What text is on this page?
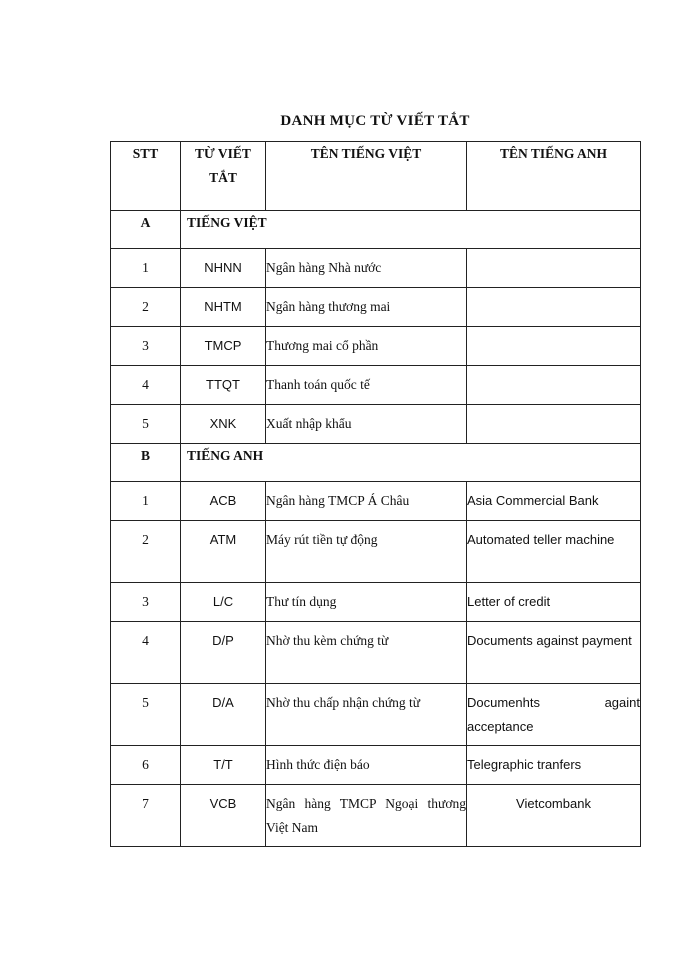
DANH MỤC TỪ VIẾT TẮT
STT	TỪ VIẾT TẮT	TÊN TIẾNG VIỆT	TÊN TIẾNG ANH
A	TIẾNG VIỆT		
1	NHNN	Ngân hàng Nhà nước	
2	NHTM	Ngân hàng thương mai	
3	TMCP	Thương mai cổ phần	
4	TTQT	Thanh toán quốc tế	
5	XNK	Xuất nhập khẩu	
B	TIẾNG ANH		
1	ACB	Ngân hàng TMCP Á Châu	Asia Commercial Bank
2	ATM	Máy rút tiền tự động	Automated teller machine
3	L/C	Thư tín dụng	Letter of credit
4	D/P	Nhờ thu kèm chứng từ	Documents against payment
5	D/A	Nhờ thu chấp nhận chứng từ	Documenhts againt acceptance
6	T/T	Hình thức điện báo	Telegraphic tranfers
7	VCB	Ngân hàng TMCP Ngoại thương Việt Nam	Vietcombank
